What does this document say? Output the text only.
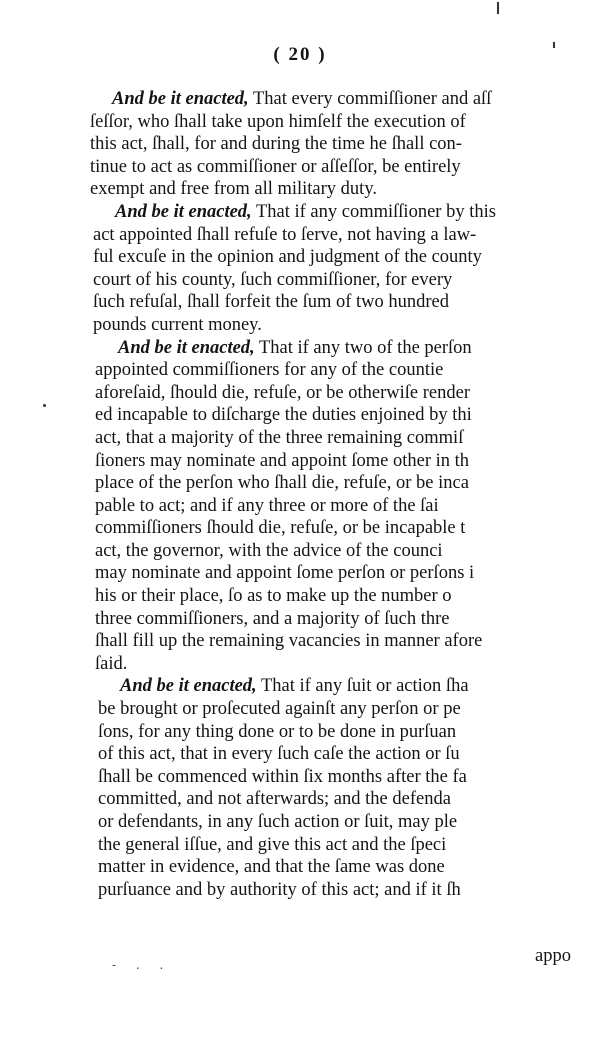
( 20 )
And be it enacted, That every commiſſioner and aſſ
ſeſſor, who ſhall take upon himſelf the execution of
this act, ſhall, for and during the time he ſhall con-
tinue to act as commiſſioner or aſſeſſor, be entirely
exempt and free from all military duty.
And be it enacted, That if any commiſſioner by this
act appointed ſhall refuſe to ſerve, not having a law-
ful excuſe in the opinion and judgment of the county
court of his county, ſuch commiſſioner, for every
ſuch refuſal, ſhall forfeit the ſum of two hundred
pounds current money.
And be it enacted, That if any two of the perſon
appointed commiſſioners for any of the countie
aforeſaid, ſhould die, refuſe, or be otherwiſe render
ed incapable to diſcharge the duties enjoined by thi
act, that a majority of the three remaining commiſ
ſioners may nominate and appoint ſome other in th
place of the perſon who ſhall die, refuſe, or be inca
pable to act; and if any three or more of the ſai
commiſſioners ſhould die, refuſe, or be incapable t
act, the governor, with the advice of the counci
may nominate and appoint ſome perſon or perſons i
his or their place, ſo as to make up the number o
three commiſſioners, and a majority of ſuch thre
ſhall fill up the remaining vacancies in manner afore
ſaid.
And be it enacted, That if any ſuit or action ſha
be brought or proſecuted againſt any perſon or pe
ſons, for any thing done or to be done in purſuan
of this act, that in every ſuch caſe the action or ſu
ſhall be commenced within ſix months after the fa
committed, and not afterwards; and the defenda
or defendants, in any ſuch action or ſuit, may ple
the general iſſue, and give this act and the ſpeci
matter in evidence, and that the ſame was done
purſuance and by authority of this act; and if it ſh
appo
- . .
